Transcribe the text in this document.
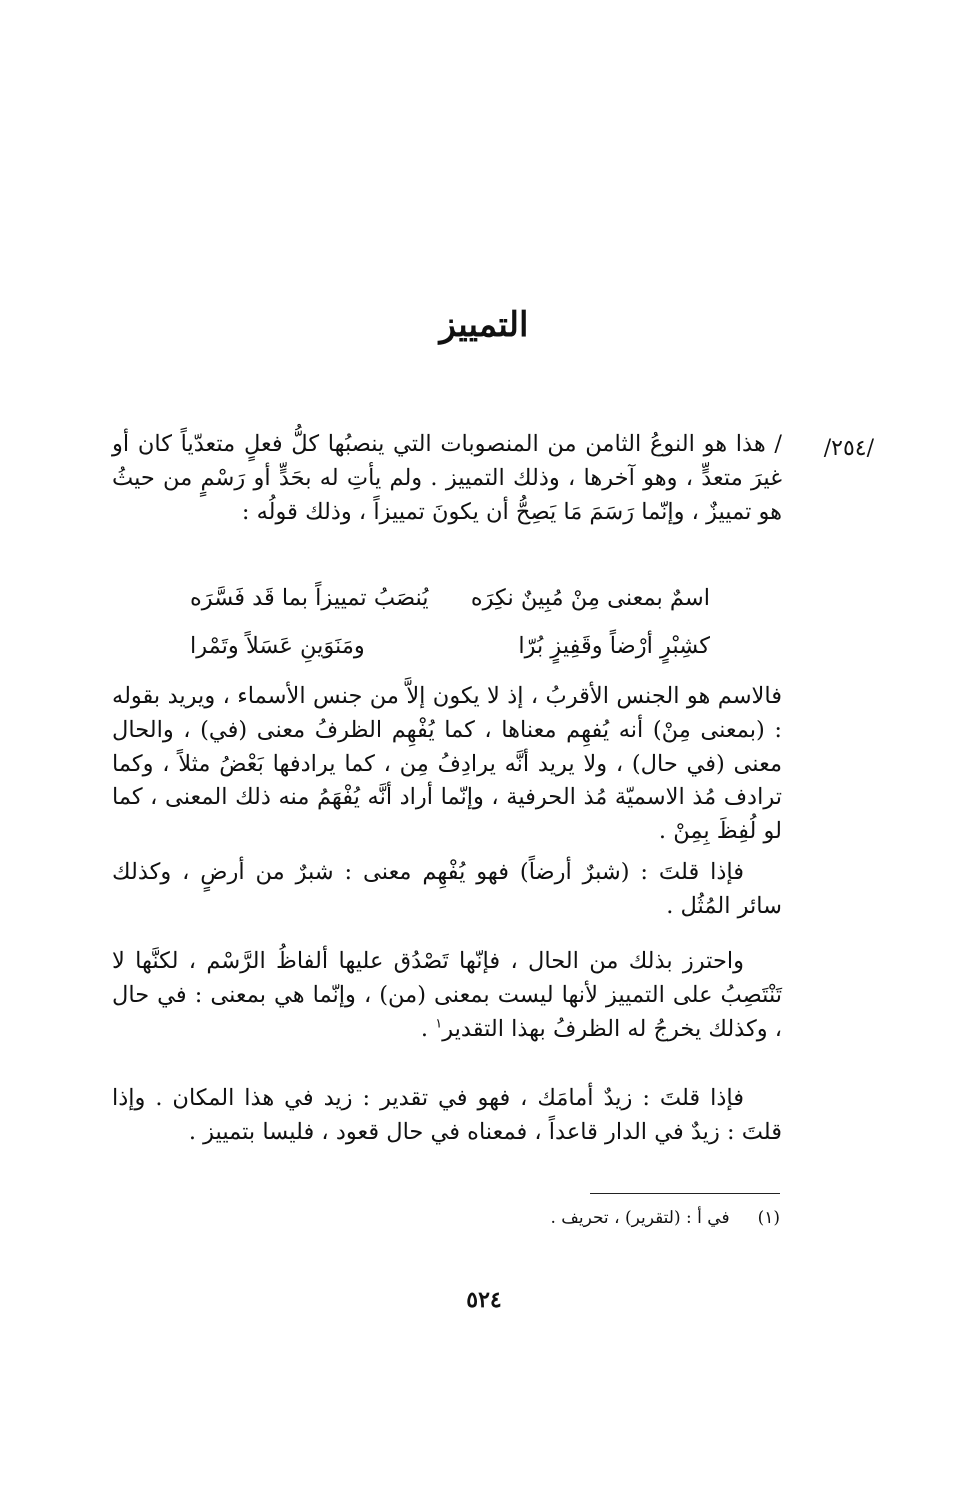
التمييز
/٢٥٤/

/ هذا هو النوعُ الثامن من المنصوبات التي ينصبُها كلُّ فعلٍ متعدّياً كان أو غيرَ متعدٍّ ، وهو آخرها ، وذلك التمييز . ولم يأتِ له بحَدٍّ أو رَسْمٍ من حيثُ هو تمييزٌ ، وإنّما رَسَمَ مَا يَصِحُّ أن يكونَ تمييزاً ، وذلك قولُه :

اسمٌ بمعنى مِنْ مُبِينٌ نكِرَه
يُنصَبُ تمييزاً بما قَد فَسَّرَه
كشِبْرٍ أرْضاً وقَفِيزٍ بُرّا
ومَنَوَينِ عَسَلاً وتَمْرا

فالاسم هو الجنس الأقربُ ، إذ لا يكون إلاَّ من جنس الأسماء ، ويريد بقوله : (بمعنى مِنْ) أنه يُفهِم معناها ، كما يُفْهِم الظرفُ معنى (في) ، والحال معنى (في حال) ، ولا يريد أنَّه يرادِفُ مِن ، كما يرادفها بَعْضُ مثلاً ، وكما ترادف مُذ الاسميّة مُذ الحرفية ، وإنّما أراد أنَّه يُفْهَمُ منه ذلك المعنى ، كما لو لُفِظَ بِمِنْ .

فإذا قلتَ : (شبرٌ أرضاً) فهو يُفْهِم معنى : شبرٌ من أرضٍ ، وكذلك سائر المُثُل .

واحترز بذلك من الحال ، فإنّها تَصْدُق عليها ألفاظُ الرَّسْم ، لكنَّها لا تَنْتَصِبُ على التمييز لأنها ليست بمعنى (من) ، وإنّما هي بمعنى : في حال ، وكذلك يخرجُ له الظرفُ بهذا التقدير$^١$ .

فإذا قلتَ : زيدٌ أمامَك ، فهو في تقدير : زيد في هذا المكان . وإذا قلتَ : زيدٌ في الدار قاعداً ، فمعناه في حال قعود ، فليسا بتمييز .

(١)في أ : (لتقرير) ، تحريف .
٥٢٤
